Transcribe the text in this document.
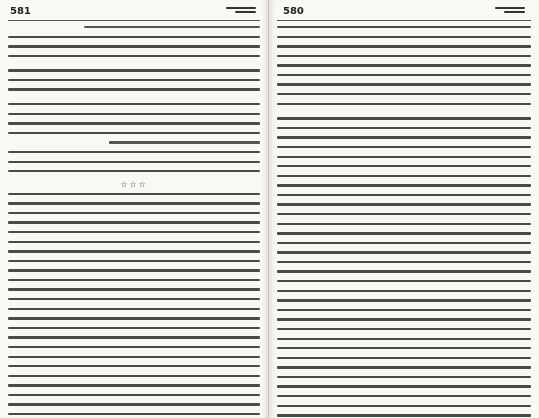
581
☆☆☆
580
